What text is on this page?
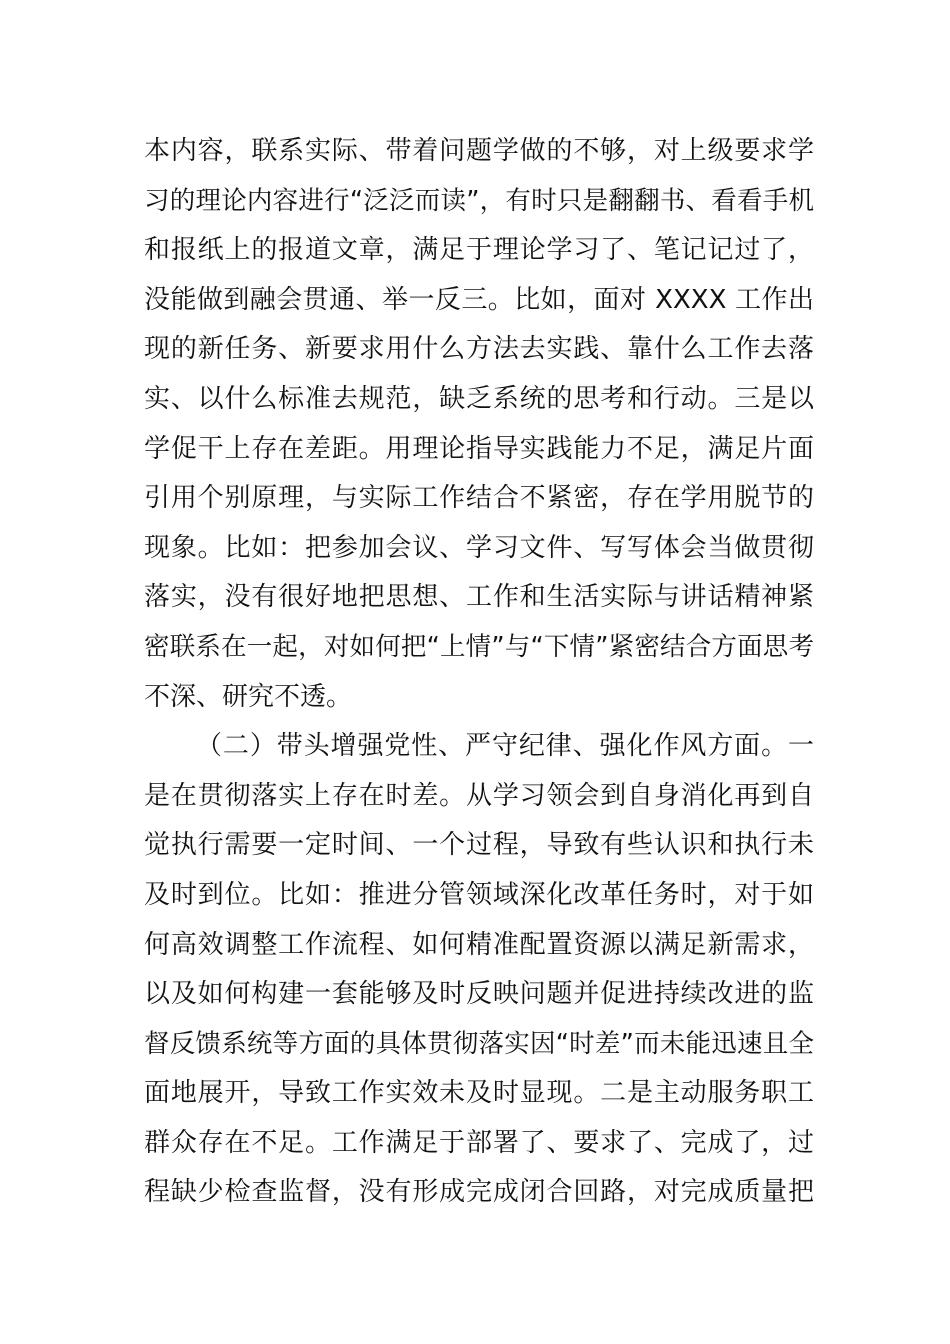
本内容，联系实际、带着问题学做的不够，对上级要求学
习的理论内容进行“泛泛而读”，有时只是翻翻书、看看手机
和报纸上的报道文章，满足于理论学习了、笔记记过了，
没能做到融会贯通、举一反三。比如，面对 XXXX 工作出
现的新任务、新要求用什么方法去实践、靠什么工作去落
实、以什么标准去规范，缺乏系统的思考和行动。三是以
学促干上存在差距。用理论指导实践能力不足，满足片面
引用个别原理，与实际工作结合不紧密，存在学用脱节的
现象。比如：把参加会议、学习文件、写写体会当做贯彻
落实，没有很好地把思想、工作和生活实际与讲话精神紧
密联系在一起，对如何把“上情”与“下情”紧密结合方面思考
不深、研究不透。
（二）带头增强党性、严守纪律、强化作风方面。一
是在贯彻落实上存在时差。从学习领会到自身消化再到自
觉执行需要一定时间、一个过程，导致有些认识和执行未
及时到位。比如：推进分管领域深化改革任务时，对于如
何高效调整工作流程、如何精准配置资源以满足新需求，
以及如何构建一套能够及时反映问题并促进持续改进的监
督反馈系统等方面的具体贯彻落实因“时差”而未能迅速且全
面地展开，导致工作实效未及时显现。二是主动服务职工
群众存在不足。工作满足于部署了、要求了、完成了，过
程缺少检查监督，没有形成完成闭合回路，对完成质量把
